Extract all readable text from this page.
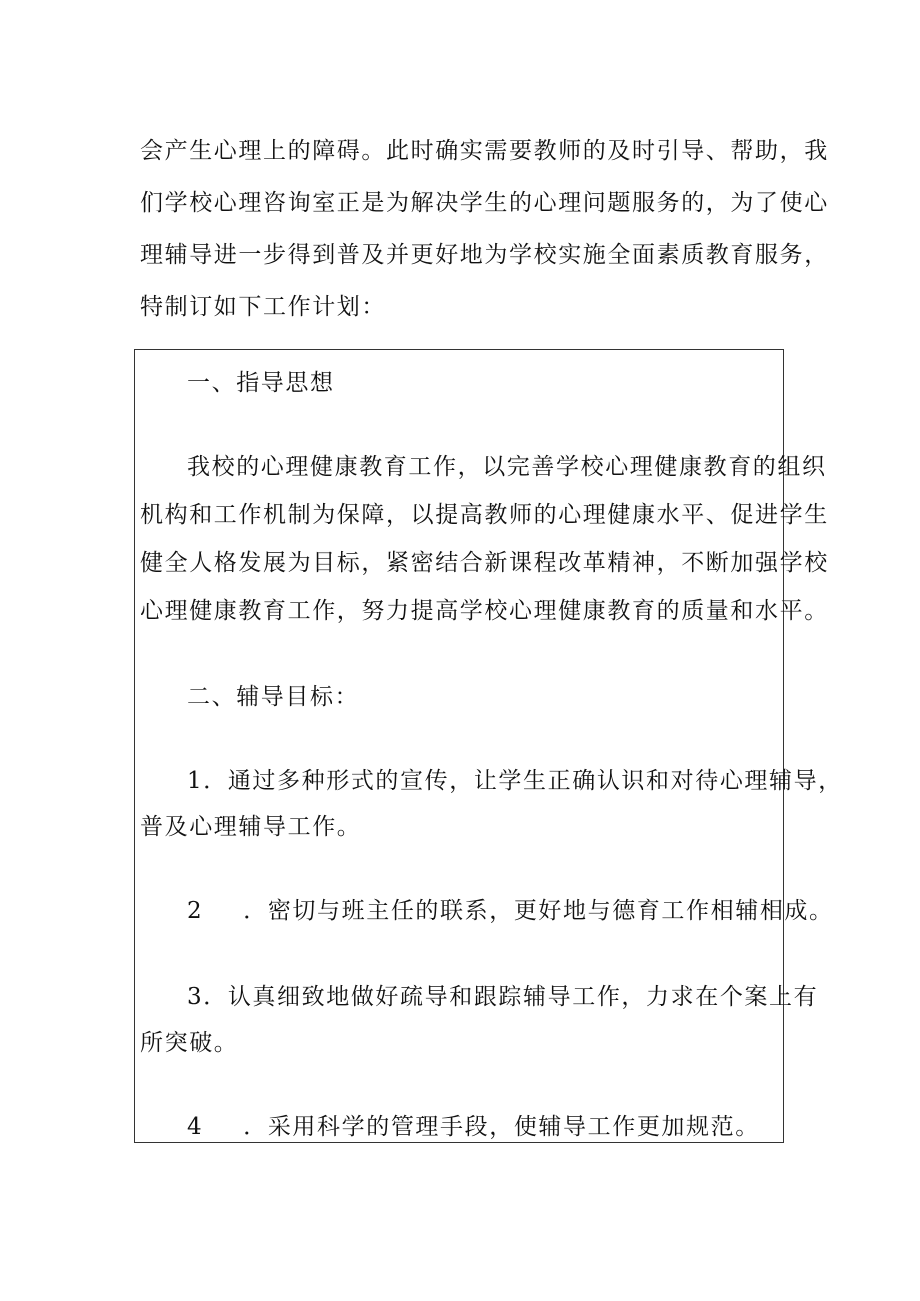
会产生心理上的障碍。此时确实需要教师的及时引导、帮助，我
们学校心理咨询室正是为解决学生的心理问题服务的，为了使心
理辅导进一步得到普及并更好地为学校实施全面素质教育服务，
特制订如下工作计划：
一、指导思想
我校的心理健康教育工作，以完善学校心理健康教育的组织
机构和工作机制为保障，以提高教师的心理健康水平、促进学生
健全人格发展为目标，紧密结合新课程改革精神，不断加强学校
心理健康教育工作，努力提高学校心理健康教育的质量和水平。
二、辅导目标：
1．通过多种形式的宣传，让学生正确认识和对待心理辅导，
普及心理辅导工作。
2 ．密切与班主任的联系，更好地与德育工作相辅相成。
3．认真细致地做好疏导和跟踪辅导工作，力求在个案上有
所突破。
4 ．采用科学的管理手段，使辅导工作更加规范。
